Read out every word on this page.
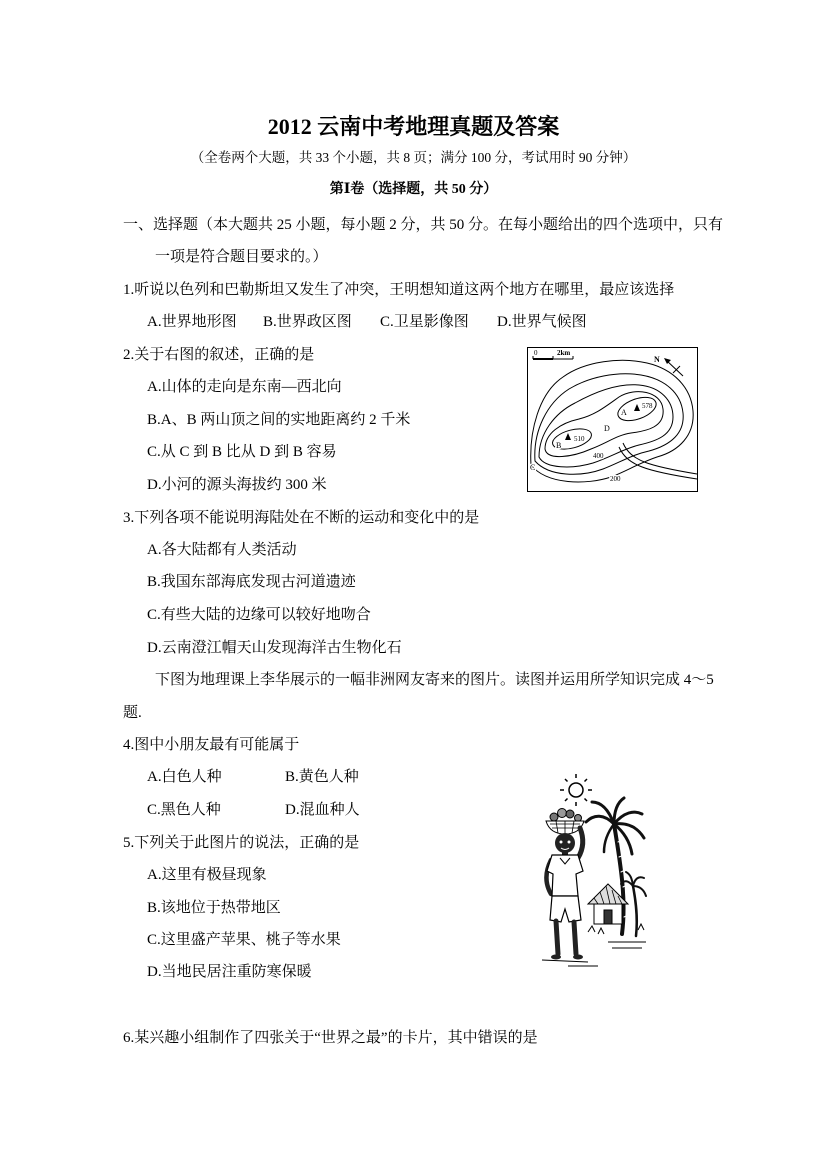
2012 云南中考地理真题及答案
（全卷两个大题，共 33 个小题，共 8 页；满分 100 分，考试用时 90 分钟）
第Ⅰ卷（选择题，共 50 分）
一、选择题（本大题共 25 小题，每小题 2 分，共 50 分。在每小题给出的四个选项中，只有
一项是符合题目要求的。）
1.听说以色列和巴勒斯坦又发生了冲突，王明想知道这两个地方在哪里，最应该选择
A.世界地形图 B.世界政区图 C.卫星影像图 D.世界气候图
2.关于右图的叙述，正确的是
A.山体的走向是东南—西北向
B.A、B 两山顶之间的实地距离约 2 千米
C.从 C 到 B 比从 D 到 B 容易
D.小河的源头海拔约 300 米
0	2km
N
A
578
B
510
D
C
400
200
3.下列各项不能说明海陆处在不断的运动和变化中的是
A.各大陆都有人类活动
B.我国东部海底发现古河道遗迹
C.有些大陆的边缘可以较好地吻合
D.云南澄江帽天山发现海洋古生物化石
下图为地理课上李华展示的一幅非洲网友寄来的图片。读图并运用所学知识完成 4～5
题.
4.图中小朋友最有可能属于
A.白色人种	B.黄色人种
C.黑色人种	D.混血种人
5.下列关于此图片的说法，正确的是
A.这里有极昼现象
B.该地位于热带地区
C.这里盛产苹果、桃子等水果
D.当地民居注重防寒保暖
6.某兴趣小组制作了四张关于“世界之最”的卡片，其中错误的是
